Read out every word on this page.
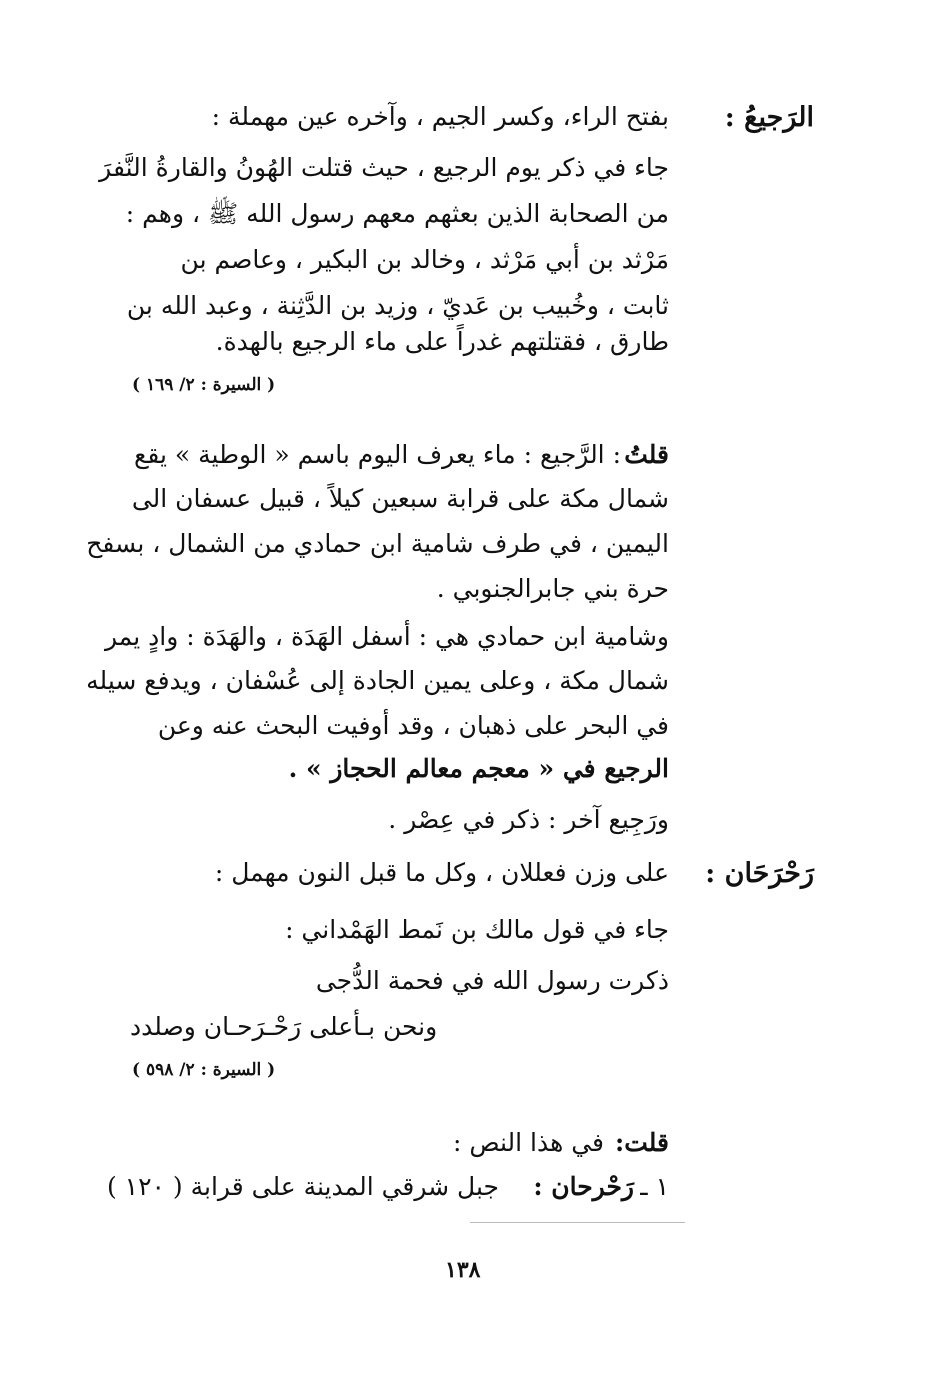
الرَجيعُ :
بفتح الراء، وكسر الجيم ، وآخره عين مهملة :
جاء في ذكر يوم الرجيع ، حيث قتلت الهُونُ والقارةُ النَّفرَ
من الصحابة الذين بعثهم معهم رسول الله ﷺ ، وهم :
مَرْثد بن أبي مَرْثد ، وخالد بن البكير ، وعاصم بن
ثابت ، وخُبيب بن عَديّ ، وزيد بن الدَّثِنة ، وعبد الله بن
طارق ، فقتلتهم غدراً على ماء الرجيع بالهدة.
( السيرة : ٢/ ١٦٩ )
قلتُ
: الرَّجيع : ماء يعرف اليوم باسم « الوطية » يقع
شمال مكة على قرابة سبعين كيلاً ، قبيل عسفان الى
اليمين ، في طرف شامية ابن حمادي من الشمال ، بسفح
حرة بني جابرالجنوبي .
وشامية ابن حمادي هي : أسفل الهَدَة ، والهَدَة : وادٍ يمر
شمال مكة ، وعلى يمين الجادة إلى عُسْفان ، ويدفع سيله
في البحر على ذهبان ، وقد أوفيت البحث عنه وعن
الرجيع في « معجم معالم الحجاز » .
ورَجِيع آخر : ذكر في عِصْر .
رَحْرَحَان :
على وزن فعللان ، وكل ما قبل النون مهمل :
جاء في قول مالك بن نَمط الهَمْداني :
ذكرت رسول الله في فحمة الدُّجى
ونحن بـأعلى رَحْـرَحـان وصلدد
( السيرة : ٢/ ٥٩٨ )
قلت:
في هذا النص :
١ ـ
رَحْرحان :
جبل شرقي المدينة على قرابة ( ١٢٠ )
١٣٨
